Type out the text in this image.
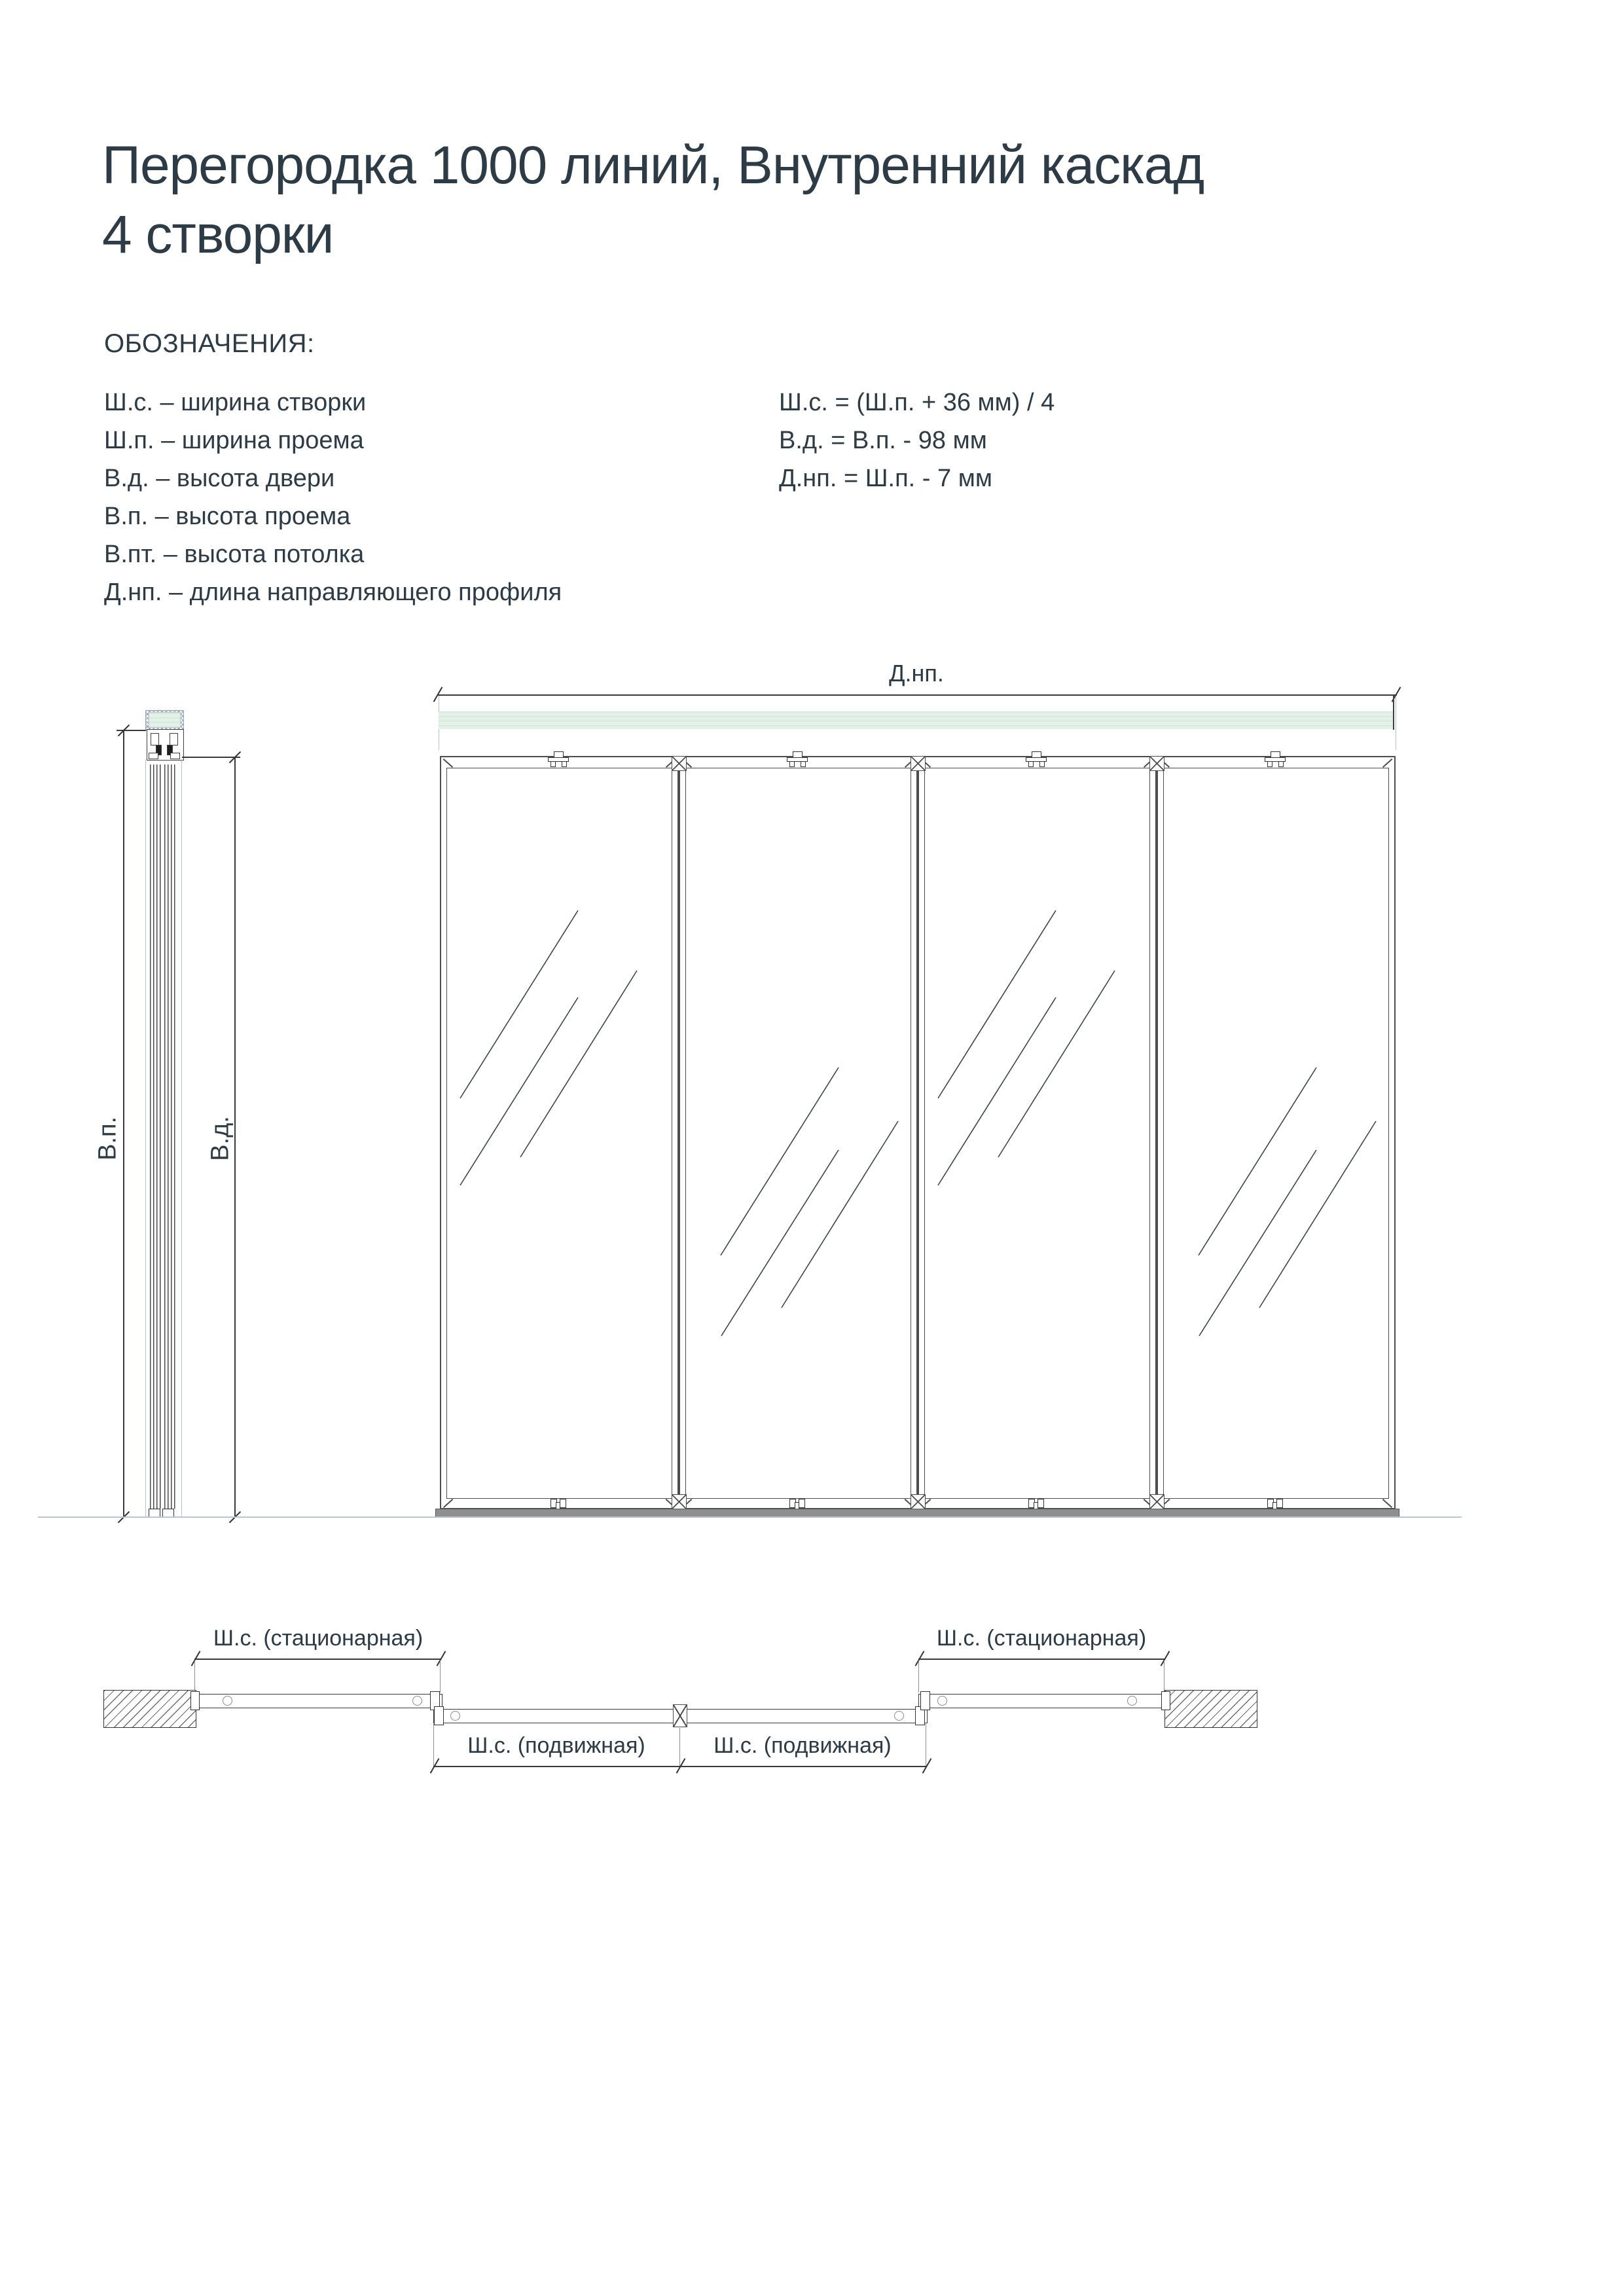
Перегородка 1000 линий, Внутренний каскад
4 створки
ОБОЗНАЧЕНИЯ:
Ш.с. – ширина створки
Ш.п. – ширина проема
В.д. – высота двери
В.п. – высота проема
В.пт. – высота потолка
Д.нп. – длина направляющего профиля
Ш.с. = (Ш.п. + 36 мм) / 4
В.д. = В.п. - 98 мм
Д.нп. = Ш.п. - 7 мм
В.п.	В.д.
Д.нп.
Ш.с. (стационарная)	Ш.с. (стационарная)
Ш.с. (подвижная)	Ш.с. (подвижная)
